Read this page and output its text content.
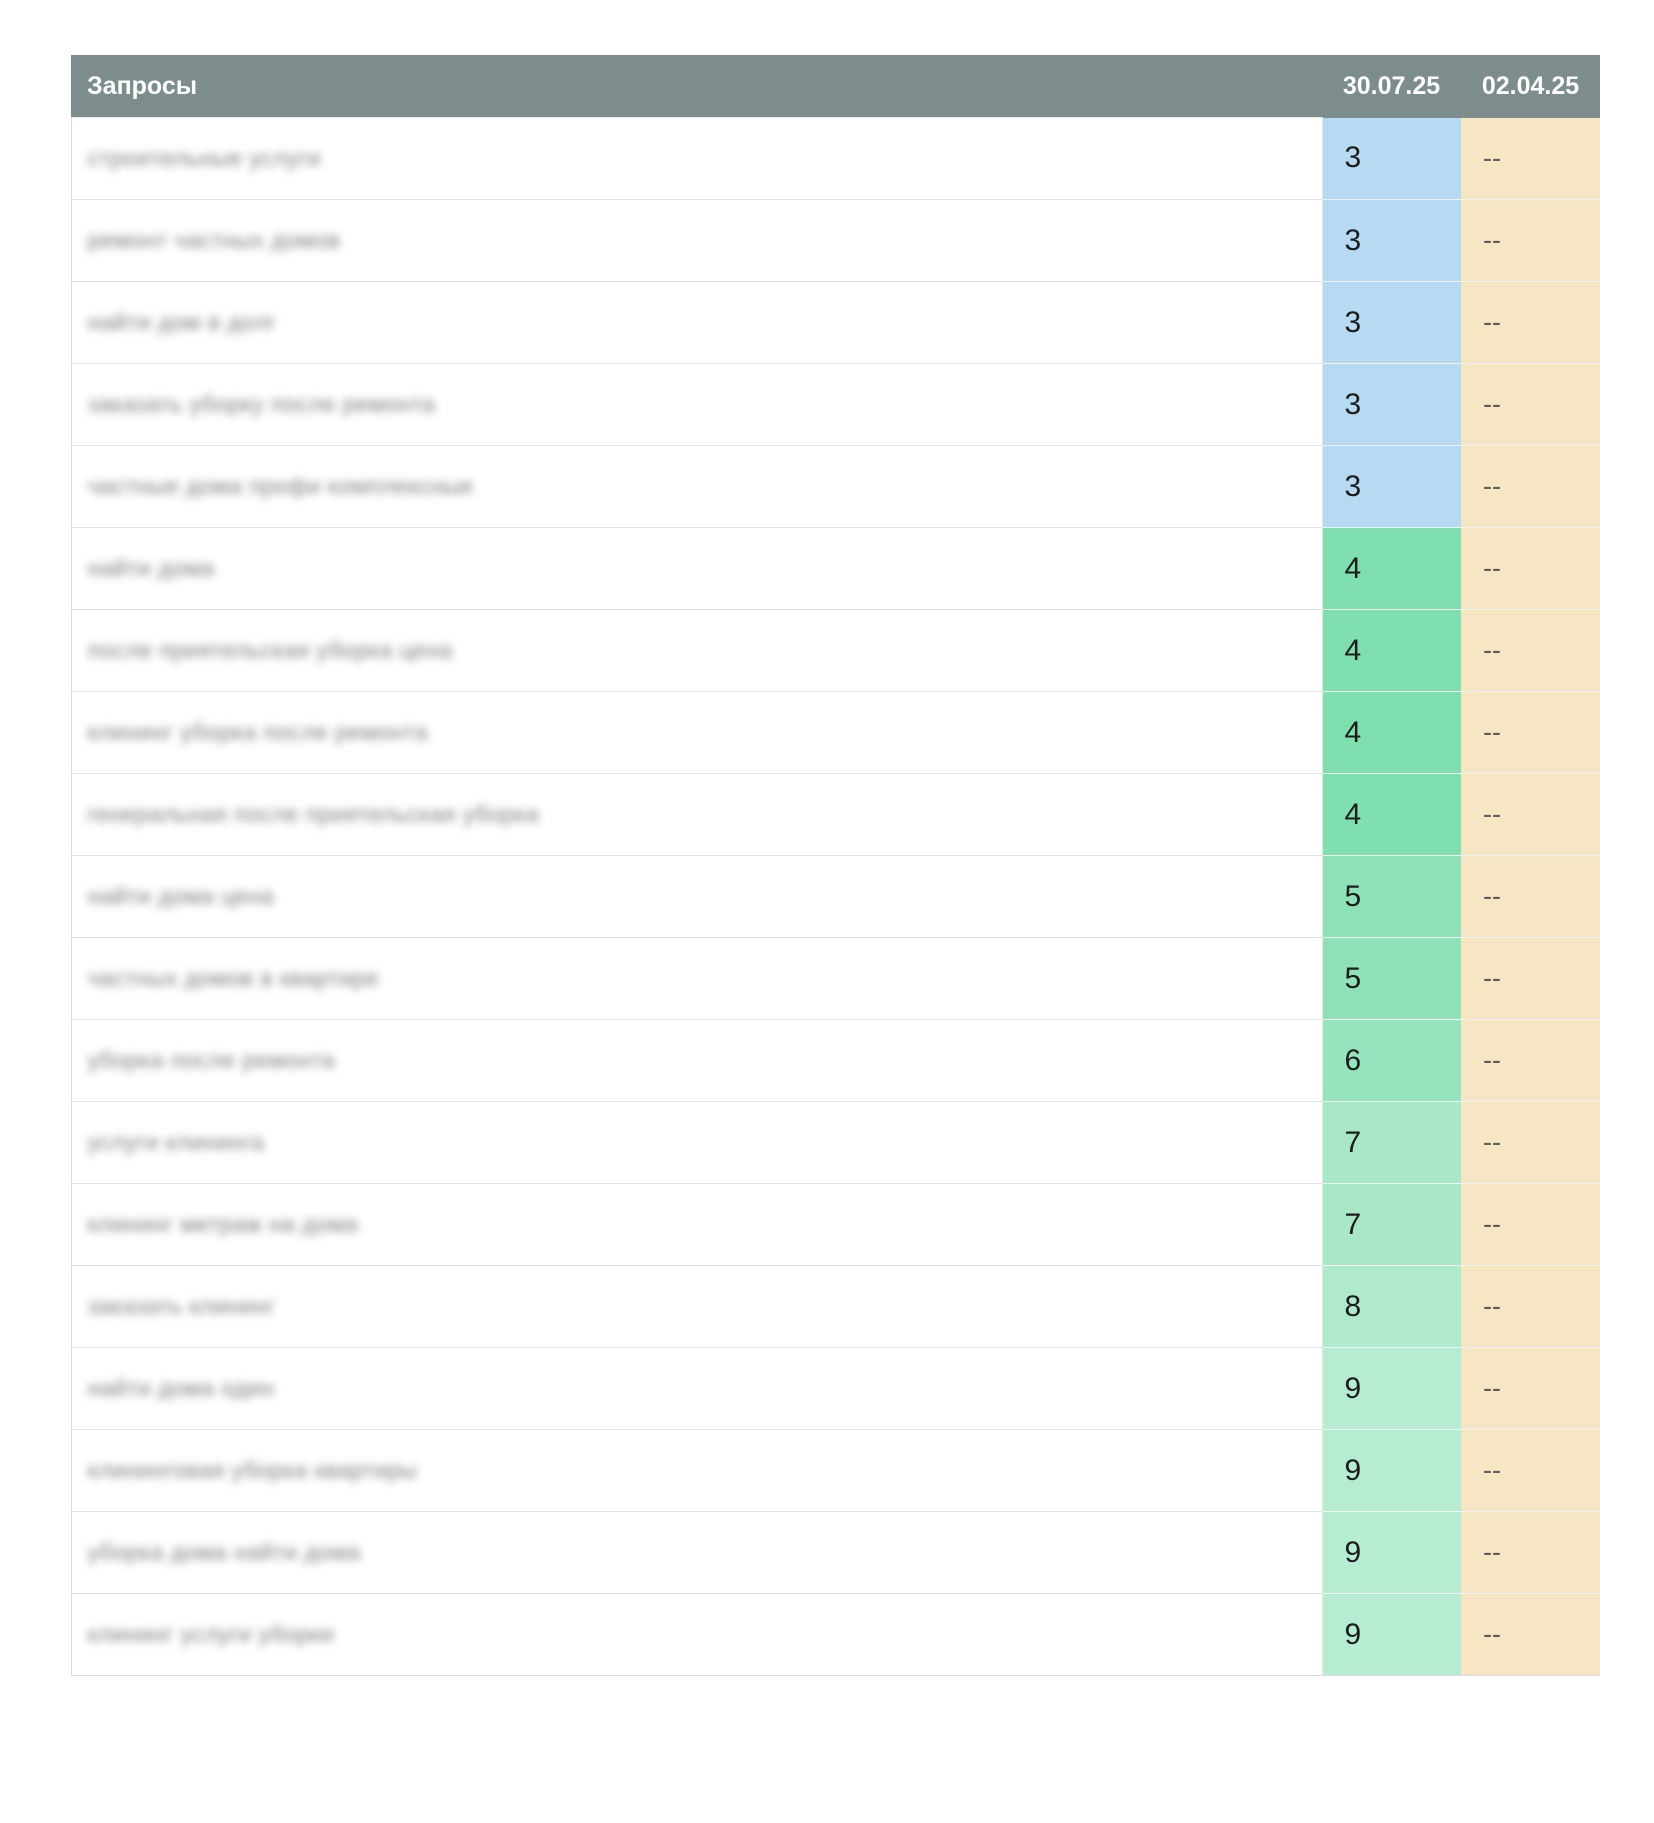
Запросы	30.07.25	02.04.25
строительные услуги	3	--
ремонт частных домов	3	--
найти дом в долг	3	--
заказать уборку после ремонта	3	--
частные дома профи комплексные	3	--
найти дома	4	--
после приятельская уборка цена	4	--
клининг уборка после ремонта	4	--
генеральная после приятельская уборка	4	--
найти дома цена	5	--
частных домов в квартире	5	--
уборка после ремонта	6	--
услуги клининга	7	--
клининг метраж на дома	7	--
заказать клининг	8	--
найти дома один	9	--
клининговая уборка квартиры	9	--
уборка дома найти дома	9	--
клининг услуги уборки	9	--
